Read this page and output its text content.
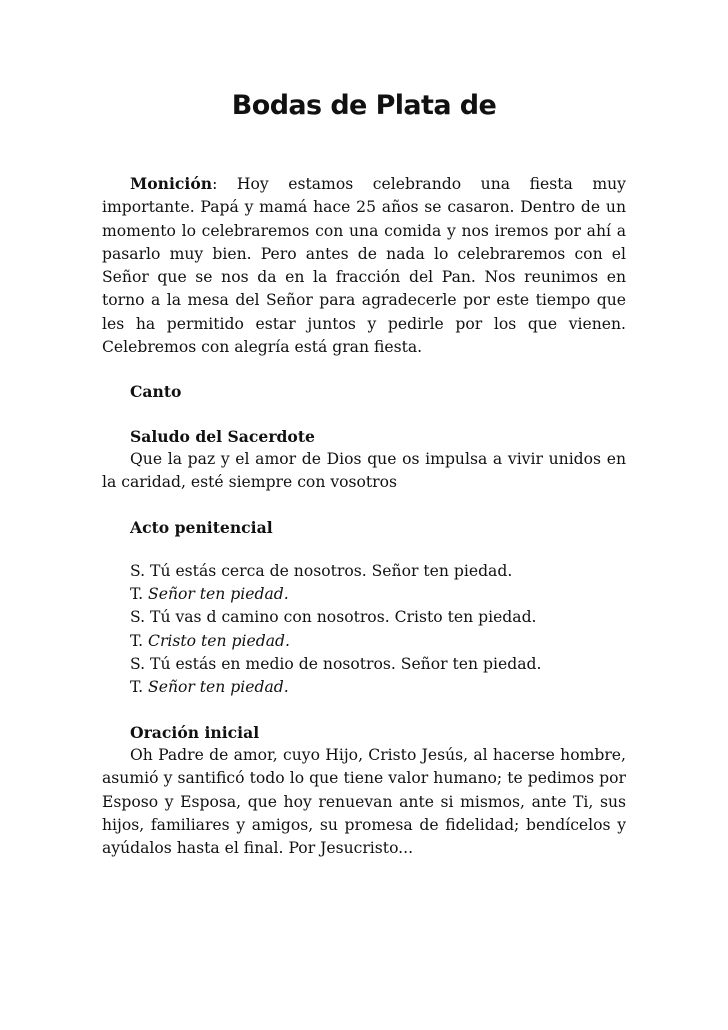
Bodas de Plata de

Monición: Hoy estamos celebrando una fiesta muy importante. Papá y mamá hace 25 años se casaron. Dentro de un momento lo celebraremos con una comida y nos iremos por ahí a pasarlo muy bien. Pero antes de nada lo celebraremos con el Señor que se nos da en la fracción del Pan. Nos reunimos en torno a la mesa del Señor para agradecerle por este tiempo que les ha permitido estar juntos y pedirle por los que vienen. Celebremos con alegría está gran fiesta.

Canto

Saludo del Sacerdote

Que la paz y el amor de Dios que os impulsa a vivir unidos en la caridad, esté siempre con vosotros

Acto penitencial

S. Tú estás cerca de nosotros. Señor ten piedad.

T. Señor ten piedad.

S. Tú vas d camino con nosotros. Cristo ten piedad.

T. Cristo ten piedad.

S. Tú estás en medio de nosotros. Señor ten piedad.

T. Señor ten piedad.

Oración inicial

Oh Padre de amor, cuyo Hijo, Cristo Jesús, al hacerse hombre, asumió y santificó todo lo que tiene valor humano; te pedimos por Esposo y Esposa, que hoy renuevan ante si mismos, ante Ti, sus hijos, familiares y amigos, su promesa de fidelidad; bendícelos y ayúdalos hasta el final. Por Jesucristo...
